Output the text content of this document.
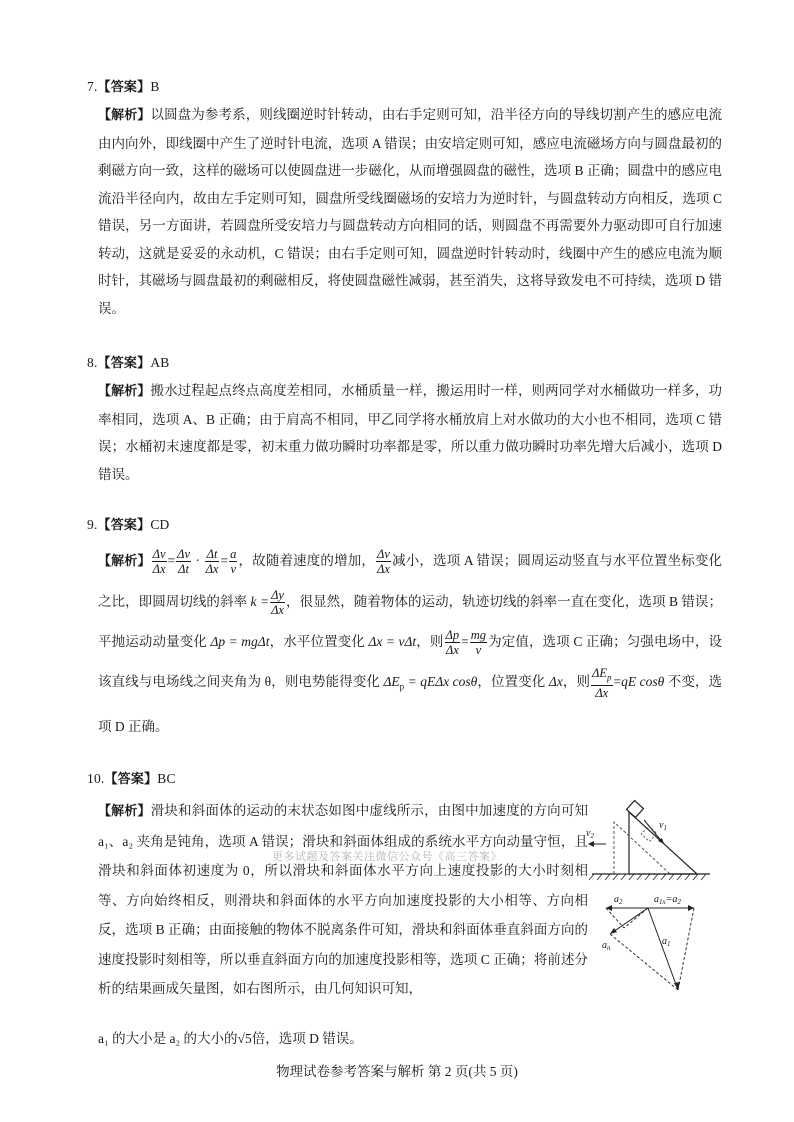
7.【答案】B
【解析】以圆盘为参考系，则线圈逆时针转动，由右手定则可知，沿半径方向的导线切割产生的感应电流由内向外，即线圈中产生了逆时针电流，选项 A 错误；由安培定则可知，感应电流磁场方向与圆盘最初的剩磁方向一致，这样的磁场可以使圆盘进一步磁化，从而增强圆盘的磁性，选项 B 正确；圆盘中的感应电流沿半径向内，故由左手定则可知，圆盘所受线圈磁场的安培力为逆时针，与圆盘转动方向相反，选项 C 错误，另一方面讲，若圆盘所受安培力与圆盘转动方向相同的话，则圆盘不再需要外力驱动即可自行加速转动，这就是妥妥的永动机，C 错误；由右手定则可知，圆盘逆时针转动时，线圈中产生的感应电流为顺时针，其磁场与圆盘最初的剩磁相反，将使圆盘磁性减弱，甚至消失，这将导致发电不可持续，选项 D 错误。
8.【答案】AB
【解析】搬水过程起点终点高度差相同，水桶质量一样，搬运用时一样，则两同学对水桶做功一样多，功率相同，选项 A、B 正确；由于肩高不相同，甲乙同学将水桶放肩上对水做功的大小也不相同，选项 C 错误；水桶初末速度都是零，初末重力做功瞬时功率都是零，所以重力做功瞬时功率先增大后减小，选项 D 错误。
9.【答案】CD
【解析】 $\frac{\Delta v}{\Delta x} = \frac{\Delta v}{\Delta t} \cdot \frac{\Delta t}{\Delta x} = \frac{a}{v}$ ，故随着速度的增加， $\frac{\Delta v}{\Delta x}$ 减小，选项 A 错误；圆周运动竖直与水平位置坐标变化之比，即圆周切线的斜率 $k = \frac{\Delta y}{\Delta x}$ ，很显然，随着物体的运动，轨迹切线的斜率一直在变化，选项 B 错误；平抛运动动量变化 Δp = mgΔt，水平位置变化 Δx = vΔt，则 $\frac{\Delta p}{\Delta x} = \frac{mg}{v}$ 为定值，选项 C 正确；匀强电场中，设该直线与电场线之间夹角为 θ，则电势能得变化 $\Delta E_p = qE\Delta x$ cosθ，位置变化 Δx，则 $\frac{\Delta E_p}{\Delta x} =qE$ cosθ 不变，选项 D 正确。
10.【答案】BC
【解析】滑块和斜面体的运动的末状态如图中虚线所示，由图中加速度的方向可知 a₁、a₂ 夹角是钝角，选项 A 错误；滑块和斜面体组成的系统水平方向动量守恒，且滑块和斜面体初速度为 0，所以滑块和斜面体水平方向上速度投影的大小时刻相等、方向始终相反，则滑块和斜面体的水平方向加速度投影的大小相等、方向相反，选项 B 正确；由面接触的物体不脱离条件可知，滑块和斜面体垂直斜面方向的速度投影时刻相等，所以垂直斜面方向的加速度投影相等，选项 C 正确；将前述分析的结果画成矢量图，如右图所示，由几何知识可知，
a₁ 的大小是 a₂ 的大小的√5倍，选项 D 错误。
$v_1$
$v_2$
$a_2$	$a_{1x}=a_2$
$a_n$
$a_1$
更多试题及答案关注微信公众号《高三答案》
物理试卷参考答案与解析 第 2 页(共 5 页)
